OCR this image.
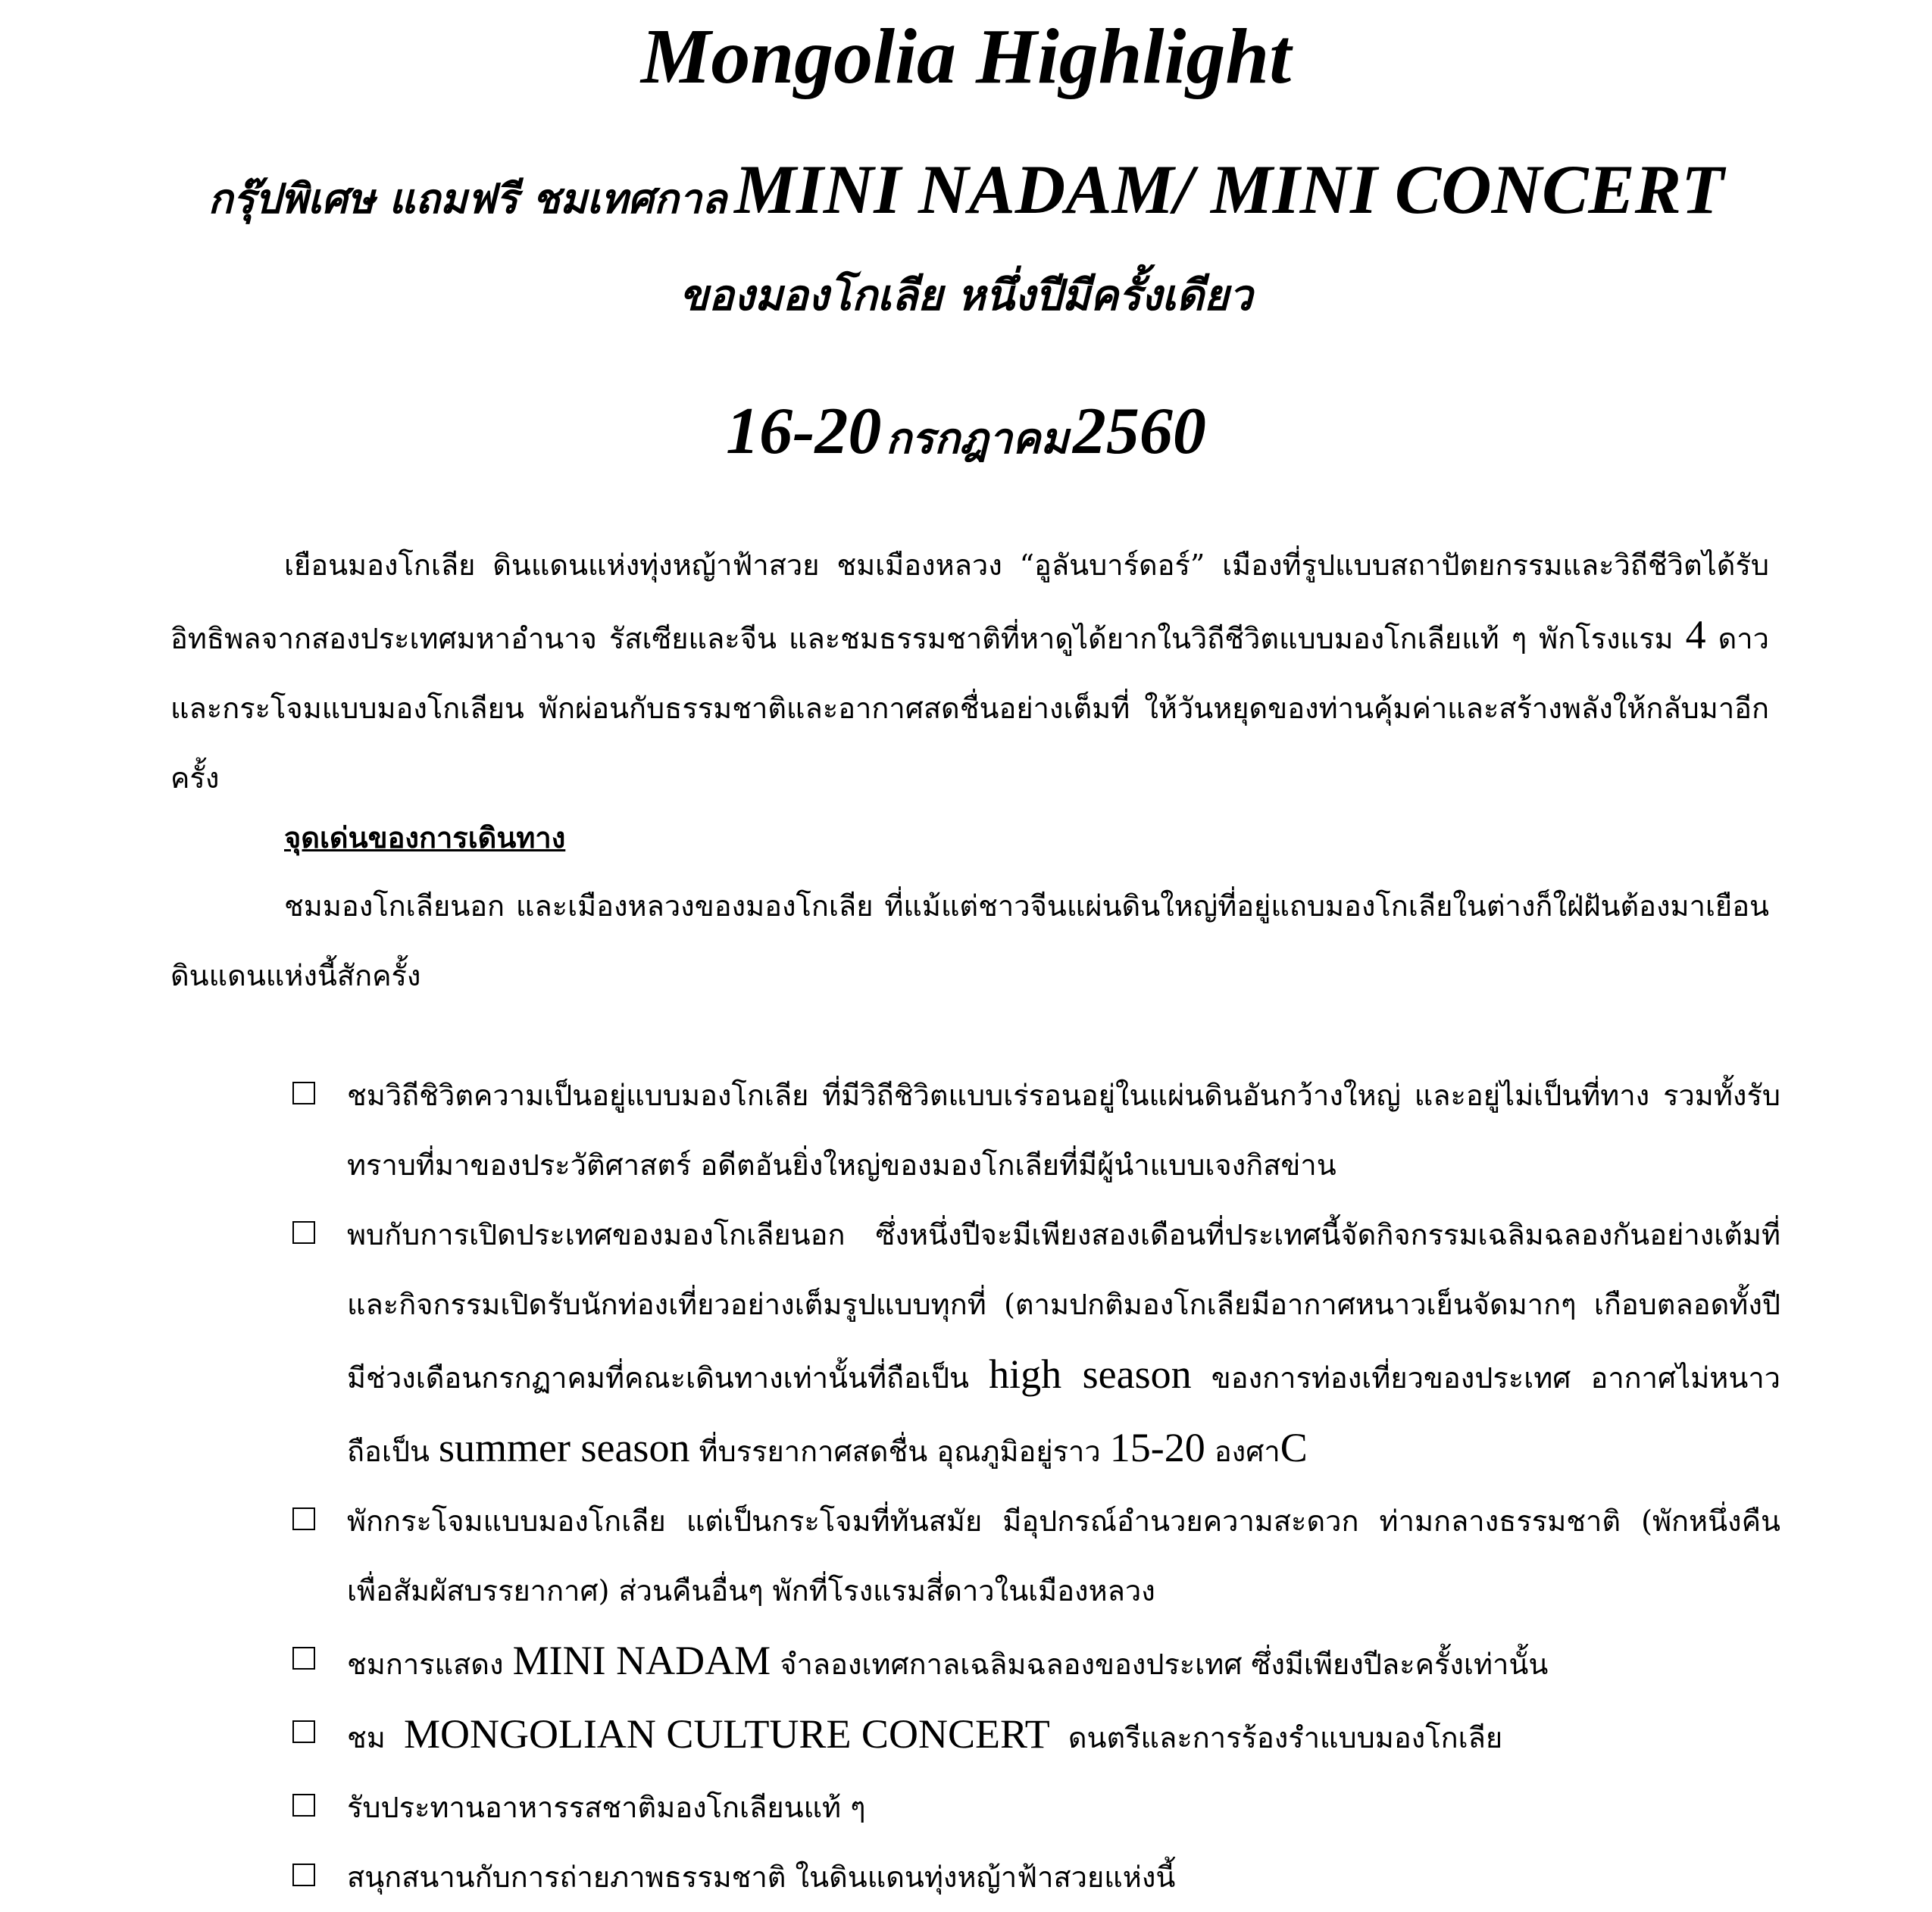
Mongolia Highlight
กรุ๊ปพิเศษ แถมฟรี ชมเทศกาล MINI NADAM/ MINI CONCERT
ของมองโกเลีย หนึ่งปีมีครั้งเดียว
16-20 กรกฎาคม 2560

เยือนมองโกเลีย ดินแดนแห่งทุ่งหญ้าฟ้าสวย ชมเมืองหลวง “อูลันบาร์ดอร์” เมืองที่รูปแบบสถาปัตยกรรมและวิถีชีวิตได้รับอิทธิพลจากสองประเทศมหาอำนาจ รัสเซียและจีน และชมธรรมชาติที่หาดูได้ยากในวิถีชีวิตแบบมองโกเลียแท้ ๆ พักโรงแรม 4 ดาวและกระโจมแบบมองโกเลียน พักผ่อนกับธรรมชาติและอากาศสดชื่นอย่างเต็มที่ ให้วันหยุดของท่านคุ้มค่าและสร้างพลังให้กลับมาอีกครั้ง

จุดเด่นของการเดินทาง

ชมมองโกเลียนอก และเมืองหลวงของมองโกเลีย ที่แม้แต่ชาวจีนแผ่นดินใหญ่ที่อยู่แถบมองโกเลียในต่างก็ใฝ่ฝันต้องมาเยือนดินแดนแห่งนี้สักครั้ง

ชมวิถีชิวิตความเป็นอยู่แบบมองโกเลีย ที่มีวิถีชิวิตแบบเร่รอนอยู่ในแผ่นดินอันกว้างใหญ่ และอยู่ไม่เป็นที่ทาง รวมทั้งรับทราบที่มาของประวัติศาสตร์ อดีตอันยิ่งใหญ่ของมองโกเลียที่มีผู้นำแบบเจงกิสข่าน
พบกับการเปิดประเทศของมองโกเลียนอก ซึ่งหนึ่งปีจะมีเพียงสองเดือนที่ประเทศนี้จัดกิจกรรมเฉลิมฉลองกันอย่างเต้มที่และกิจกรรมเปิดรับนักท่องเที่ยวอย่างเต็มรูปแบบทุกที่ (ตามปกติมองโกเลียมีอากาศหนาวเย็นจัดมากๆ เกือบตลอดทั้งปี มีช่วงเดือนกรกฏาคมที่คณะเดินทางเท่านั้นที่ถือเป็น high season ของการท่องเที่ยวของประเทศ อากาศไม่หนาว ถือเป็น summer season ที่บรรยากาศสดชื่น อุณภูมิอยู่ราว 15-20 องศาC
พักกระโจมแบบมองโกเลีย แต่เป็นกระโจมที่ทันสมัย มีอุปกรณ์อำนวยความสะดวก ท่ามกลางธรรมชาติ (พักหนึ่งคืนเพื่อสัมผัสบรรยากาศ) ส่วนคืนอื่นๆ พักที่โรงแรมสี่ดาวในเมืองหลวง
ชมการแสดง MINI NADAM จำลองเทศกาลเฉลิมฉลองของประเทศ ซึ่งมีเพียงปีละครั้งเท่านั้น
ชม MONGOLIAN CULTURE CONCERT ดนตรีและการร้องรำแบบมองโกเลีย
รับประทานอาหารรสชาติมองโกเลียนแท้ ๆ
สนุกสนานกับการถ่ายภาพธรรมชาติ ในดินแดนทุ่งหญ้าฟ้าสวยแห่งนี้
